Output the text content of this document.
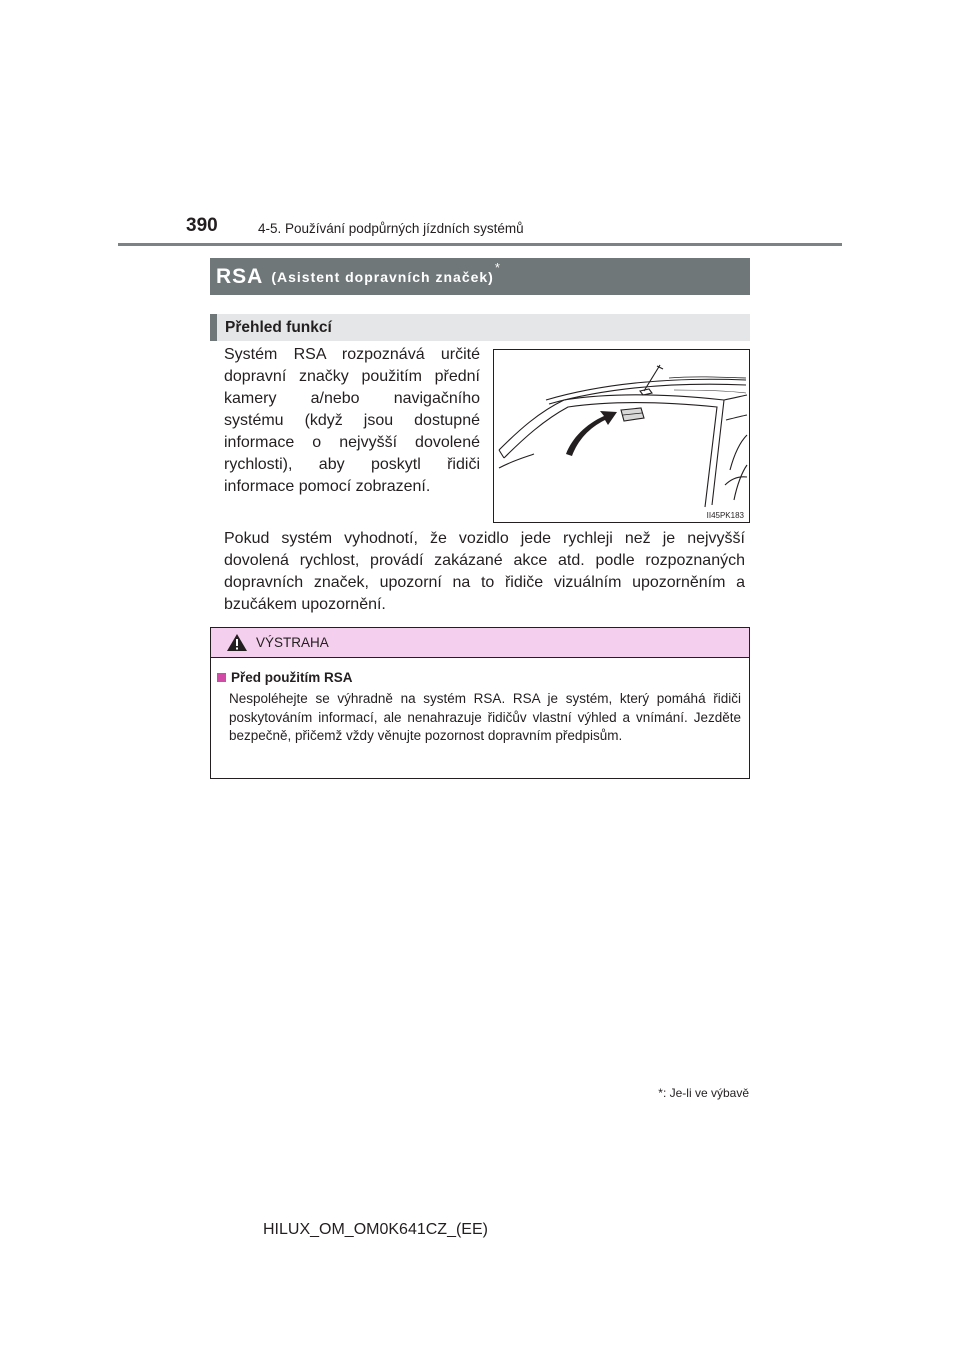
390	4-5. Používání podpůrných jízdních systémů
RSA (Asistent dopravních značek)
*
Přehled funkcí

Systém RSA rozpoznává určité dopravní značky použitím přední kamery a/nebo navigačního systému (když jsou dostupné informace o nejvyšší dovolené rychlosti), aby poskytl řidiči informace pomocí zobrazení.

II45PK183

Pokud systém vyhodnotí, že vozidlo jede rychleji než je nejvyšší dovolená rychlost, provádí zakázané akce atd. podle rozpoznaných dopravních značek, upozorní na to řidiče vizuálním upozorněním a bzučákem upozornění.

VÝSTRAHA
Před použitím RSA

Nespoléhejte se výhradně na systém RSA. RSA je systém, který pomáhá řidiči poskytováním informací, ale nenahrazuje řidičův vlastní výhled a vnímání. Jezděte bezpečně, přičemž vždy věnujte pozornost dopravním předpisům.

*: Je-li ve výbavě
HILUX_OM_OM0K641CZ_(EE)
